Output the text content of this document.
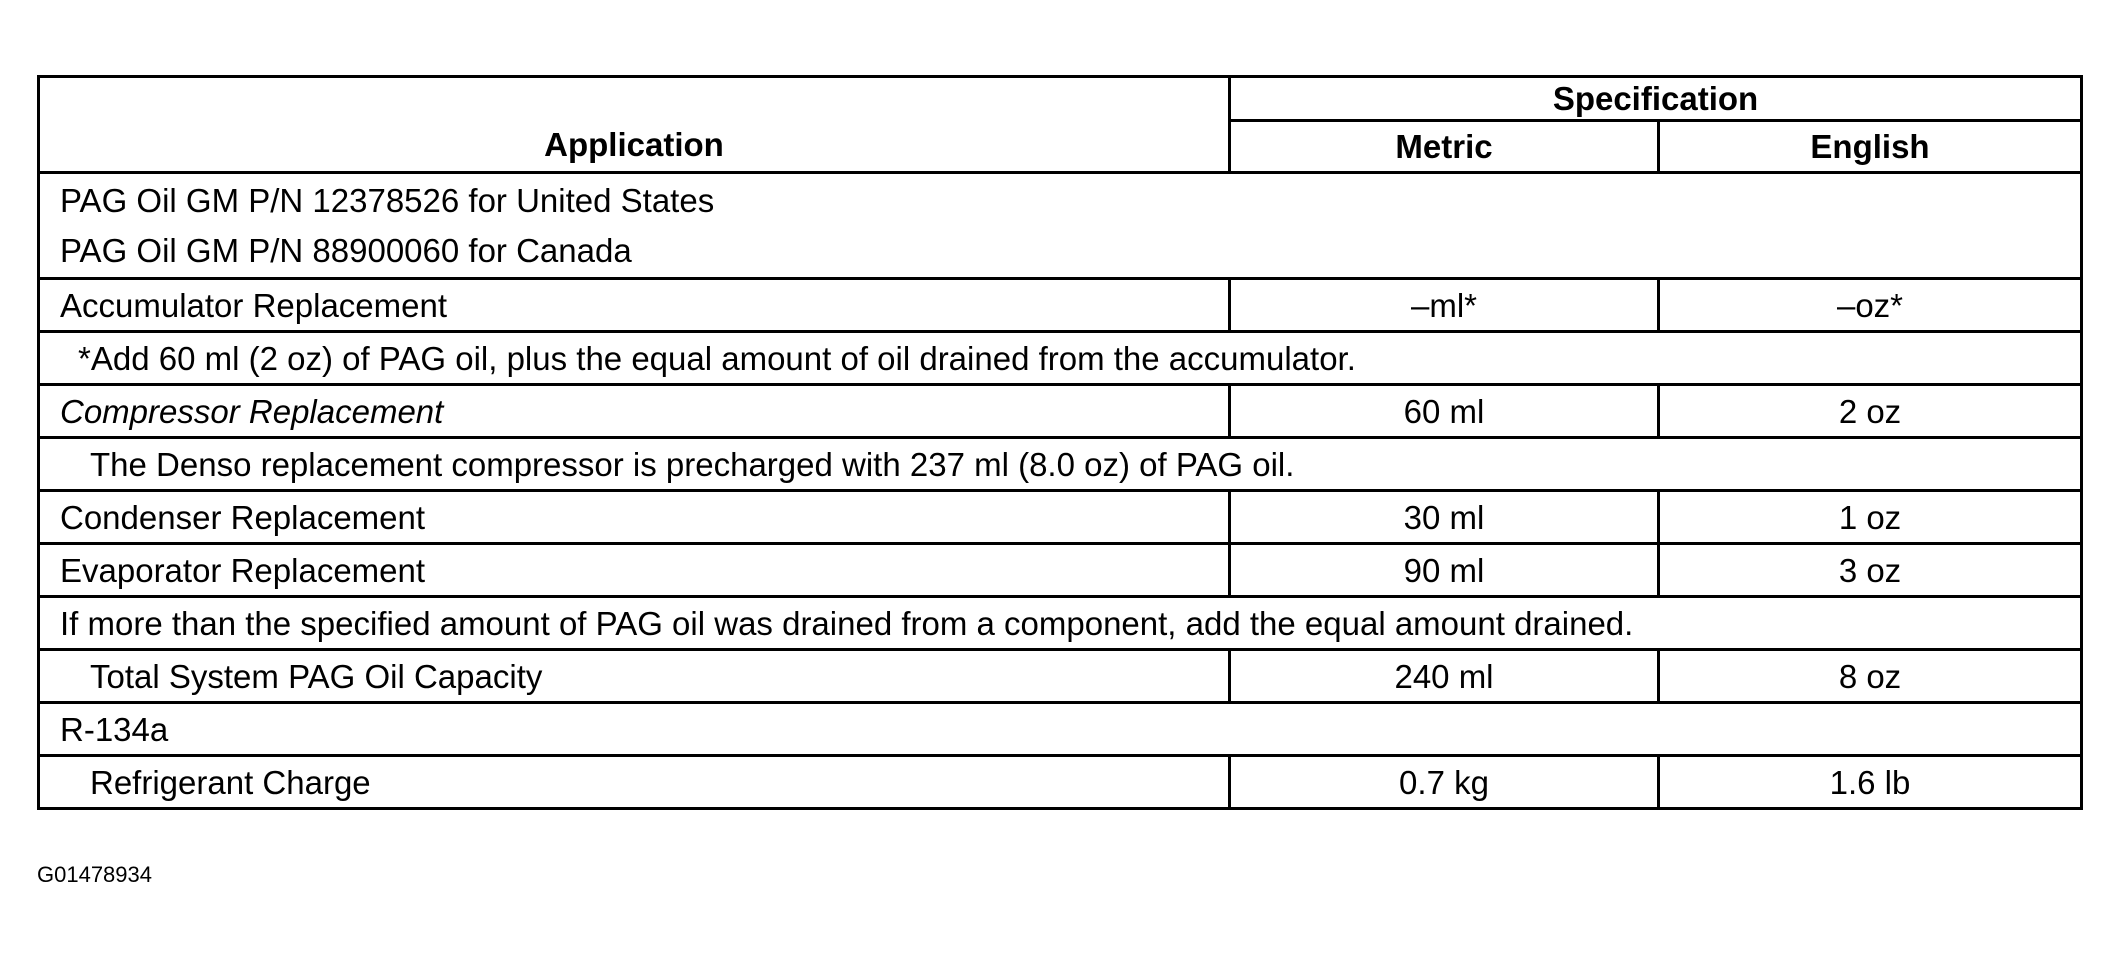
Application	Specification	
	Metric	English

PAG Oil GM P/N 12378526 for United States
PAG Oil GM P/N 88900060 for Canada		

Accumulator Replacement	–ml*	–oz*
*Add 60 ml (2 oz) of PAG oil, plus the equal amount of oil drained from the accumulator.		
Compressor Replacement	60 ml	2 oz
The Denso replacement compressor is precharged with 237 ml (8.0 oz) of PAG oil.		
Condenser Replacement	30 ml	1 oz
Evaporator Replacement	90 ml	3 oz
If more than the specified amount of PAG oil was drained from a component, add the equal amount drained.		
Total System PAG Oil Capacity	240 ml	8 oz
R-134a		
Refrigerant Charge	0.7 kg	1.6 lb
G01478934
